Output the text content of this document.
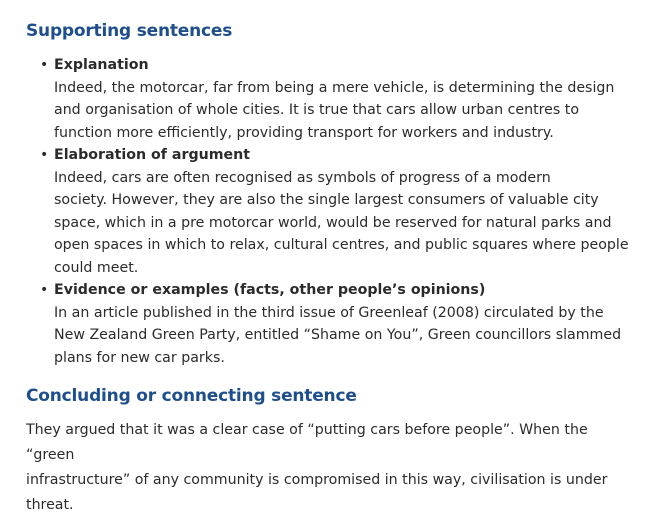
Supporting sentences
• Explanation
Indeed, the motorcar, far from being a mere vehicle, is determining the design
and organisation of whole cities. It is true that cars allow urban centres to
function more efficiently, providing transport for workers and industry.
• Elaboration of argument
Indeed, cars are often recognised as symbols of progress of a modern
society. However, they are also the single largest consumers of valuable city
space, which in a pre motorcar world, would be reserved for natural parks and
open spaces in which to relax, cultural centres, and public squares where people
could meet.
• Evidence or examples (facts, other people’s opinions)
In an article published in the third issue of Greenleaf (2008) circulated by the
New Zealand Green Party, entitled “Shame on You”, Green councillors slammed
plans for new car parks.
Concluding or connecting sentence

They argued that it was a clear case of “putting cars before people”. When the “green
infrastructure” of any community is compromised in this way, civilisation is under
threat.
